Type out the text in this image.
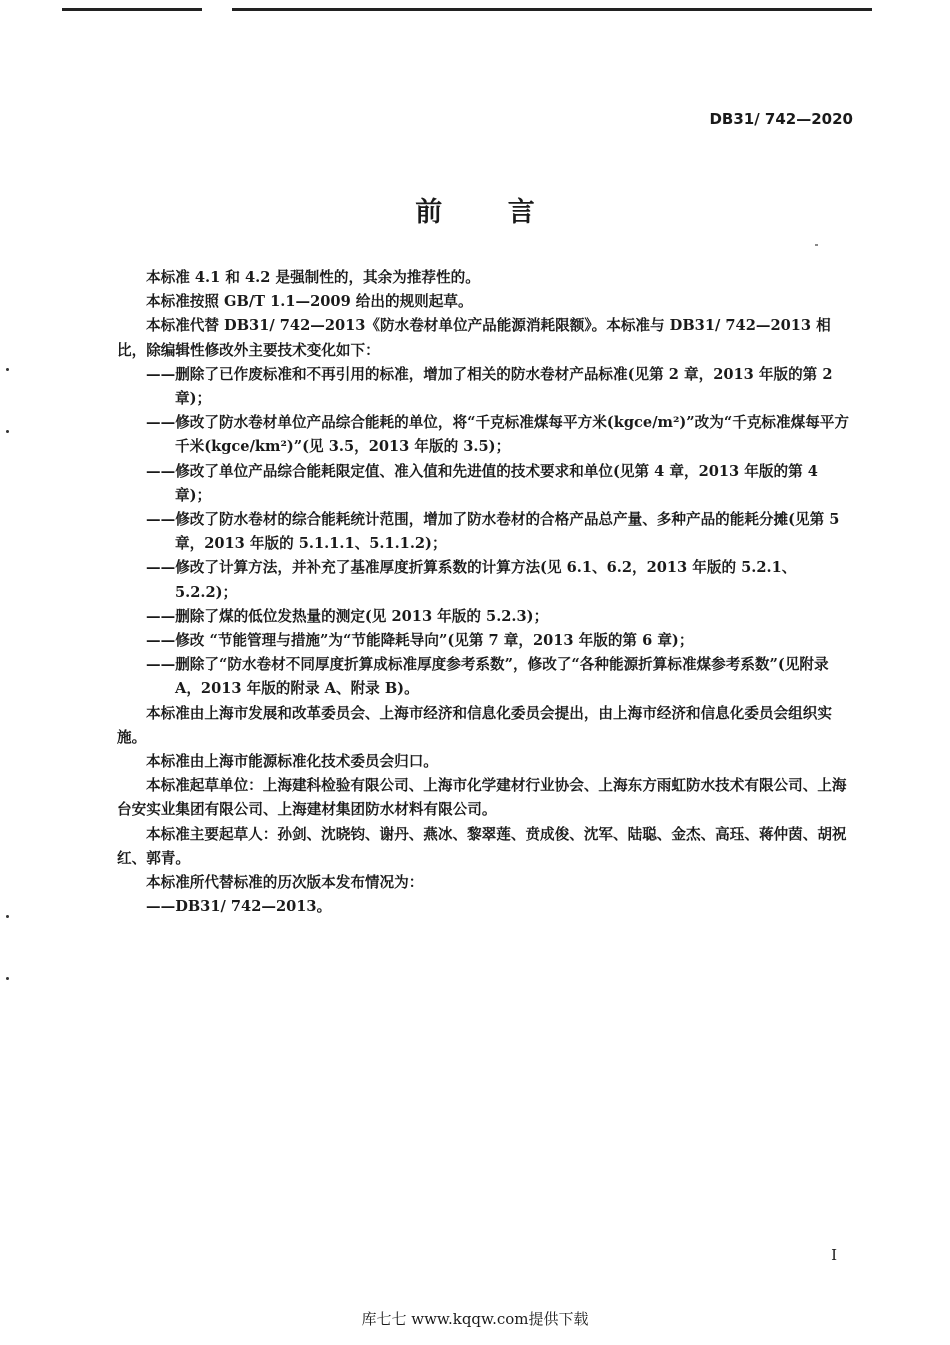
DB31/ 742—2020
前 言

本标准 4.1 和 4.2 是强制性的，其余为推荐性的。

本标准按照 GB/T 1.1—2009 给出的规则起草。

本标准代替 DB31/ 742—2013《防水卷材单位产品能源消耗限额》。本标准与 DB31/ 742—2013 相比，除编辑性修改外主要技术变化如下：

——删除了已作废标准和不再引用的标准，增加了相关的防水卷材产品标准(见第 2 章，2013 年版的第 2 章)；

——修改了防水卷材单位产品综合能耗的单位，将“千克标准煤每平方米(kgce/m²)”改为“千克标准煤每平方千米(kgce/km²)”(见 3.5，2013 年版的 3.5)；

——修改了单位产品综合能耗限定值、准入值和先进值的技术要求和单位(见第 4 章，2013 年版的第 4 章)；

——修改了防水卷材的综合能耗统计范围，增加了防水卷材的合格产品总产量、多种产品的能耗分摊(见第 5 章，2013 年版的 5.1.1.1、5.1.1.2)；

——修改了计算方法，并补充了基准厚度折算系数的计算方法(见 6.1、6.2，2013 年版的 5.2.1、5.2.2)；

——删除了煤的低位发热量的测定(见 2013 年版的 5.2.3)；

——修改 “节能管理与措施”为“节能降耗导向”(见第 7 章，2013 年版的第 6 章)；

——删除了“防水卷材不同厚度折算成标准厚度参考系数”，修改了“各种能源折算标准煤参考系数”(见附录 A，2013 年版的附录 A、附录 B)。

本标准由上海市发展和改革委员会、上海市经济和信息化委员会提出，由上海市经济和信息化委员会组织实施。

本标准由上海市能源标准化技术委员会归口。

本标准起草单位：上海建科检验有限公司、上海市化学建材行业协会、上海东方雨虹防水技术有限公司、上海台安实业集团有限公司、上海建材集团防水材料有限公司。

本标准主要起草人：孙剑、沈晓钧、谢丹、燕冰、黎翠莲、贲成俊、沈军、陆聪、金杰、高珏、蒋仲茵、胡祝红、郭青。

本标准所代替标准的历次版本发布情况为：

——DB31/ 742—2013。

I
库七七 www.kqqw.com提供下载
